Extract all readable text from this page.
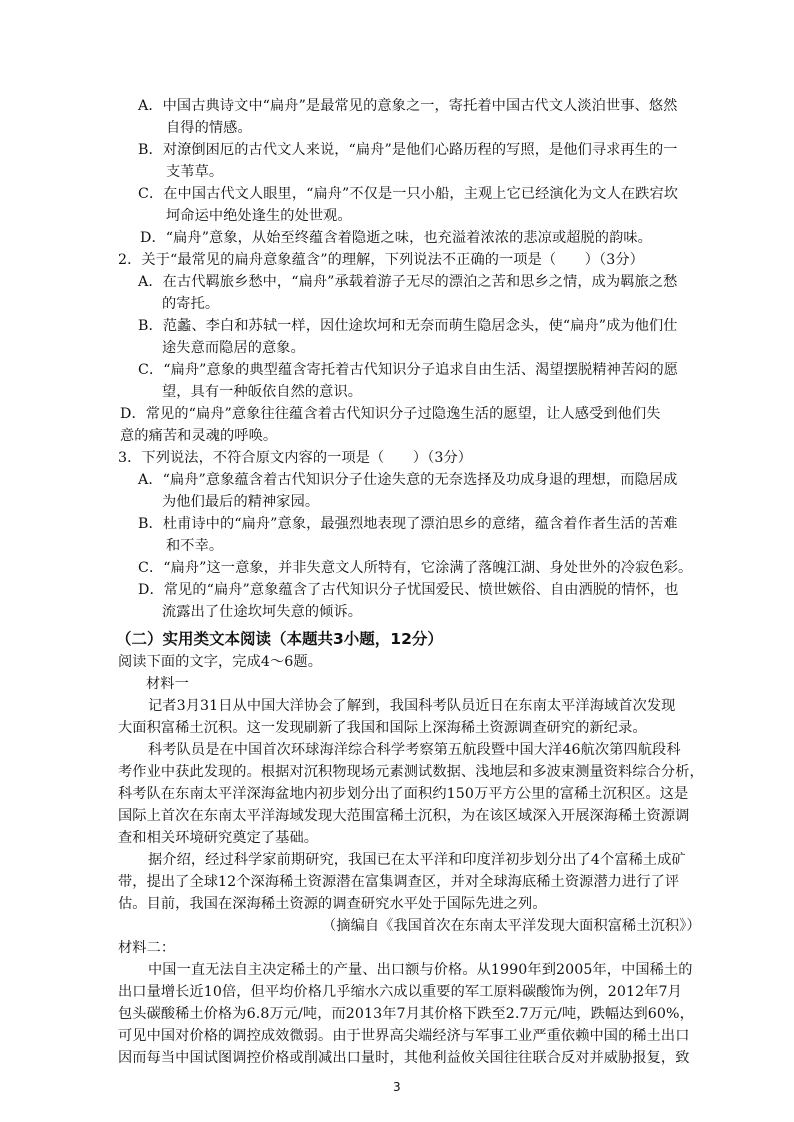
A．中国古典诗文中“扁舟”是最常见的意象之一，寄托着中国古代文人淡泊世事、悠然
自得的情感。
B．对潦倒困厄的古代文人来说，“扁舟”是他们心路历程的写照，是他们寻求再生的一
支苇草。
C．在中国古代文人眼里，“扁舟”不仅是一只小船，主观上它已经演化为文人在跌宕坎
坷命运中绝处逢生的处世观。
D．“扁舟”意象，从始至终蕴含着隐逝之味，也充溢着浓浓的悲凉或超脱的韵味。
2．关于“最常见的扁舟意象蕴含”的理解，下列说法不正确的一项是（　　）（3分）
A．在古代羁旅乡愁中，“扁舟”承载着游子无尽的漂泊之苦和思乡之情，成为羁旅之愁
的寄托。
B．范蠡、李白和苏轼一样，因仕途坎坷和无奈而萌生隐居念头，使“扁舟”成为他们仕
途失意而隐居的意象。
C．“扁舟”意象的典型蕴含寄托着古代知识分子追求自由生活、渴望摆脱精神苦闷的愿
望，具有一种皈依自然的意识。
D．常见的“扁舟”意象往往蕴含着古代知识分子过隐逸生活的愿望，让人感受到他们失
意的痛苦和灵魂的呼唤。
3．下列说法，不符合原文内容的一项是（　　）（3分）
A．“扁舟”意象蕴含着古代知识分子仕途失意的无奈选择及功成身退的理想，而隐居成
为他们最后的精神家园。
B．杜甫诗中的“扁舟”意象，最强烈地表现了漂泊思乡的意绪，蕴含着作者生活的苦难
和不幸。
C．“扁舟”这一意象，并非失意文人所特有，它涂满了落魄江湖、身处世外的冷寂色彩。
D．常见的“扁舟”意象蕴含了古代知识分子忧国爱民、愤世嫉俗、自由洒脱的情怀，也
流露出了仕途坎坷失意的倾诉。
（二）实用类文本阅读（本题共3小题，12分）
阅读下面的文字，完成4～6题。
材料一
记者3月31日从中国大洋协会了解到，我国科考队员近日在东南太平洋海域首次发现
大面积富稀土沉积。这一发现刷新了我国和国际上深海稀土资源调查研究的新纪录。
科考队员是在中国首次环球海洋综合科学考察第五航段暨中国大洋46航次第四航段科
考作业中获此发现的。根据对沉积物现场元素测试数据、浅地层和多波束测量资料综合分析，
科考队在东南太平洋深海盆地内初步划分出了面积约150万平方公里的富稀土沉积区。这是
国际上首次在东南太平洋海域发现大范围富稀土沉积，为在该区域深入开展深海稀土资源调
查和相关环境研究奠定了基础。
据介绍，经过科学家前期研究，我国已在太平洋和印度洋初步划分出了4个富稀土成矿
带，提出了全球12个深海稀土资源潜在富集调查区，并对全球海底稀土资源潜力进行了评
估。目前，我国在深海稀土资源的调查研究水平处于国际先进之列。
（摘编自《我国首次在东南太平洋发现大面积富稀土沉积》）
材料二：
中国一直无法自主决定稀土的产量、出口额与价格。从1990年到2005年，中国稀土的
出口量增长近10倍，但平均价格几乎缩水六成以重要的军工原料碳酸饰为例，2012年7月
包头碳酸稀土价格为6.8万元/吨，而2013年7月其价格下跌至2.7万元/吨，跌幅达到60%，
可见中国对价格的调控成效微弱。由于世界高尖端经济与军事工业严重依赖中国的稀土出口
因而每当中国试图调控价格或削减出口量时，其他利益攸关国往往联合反对并威胁报复，致
3
